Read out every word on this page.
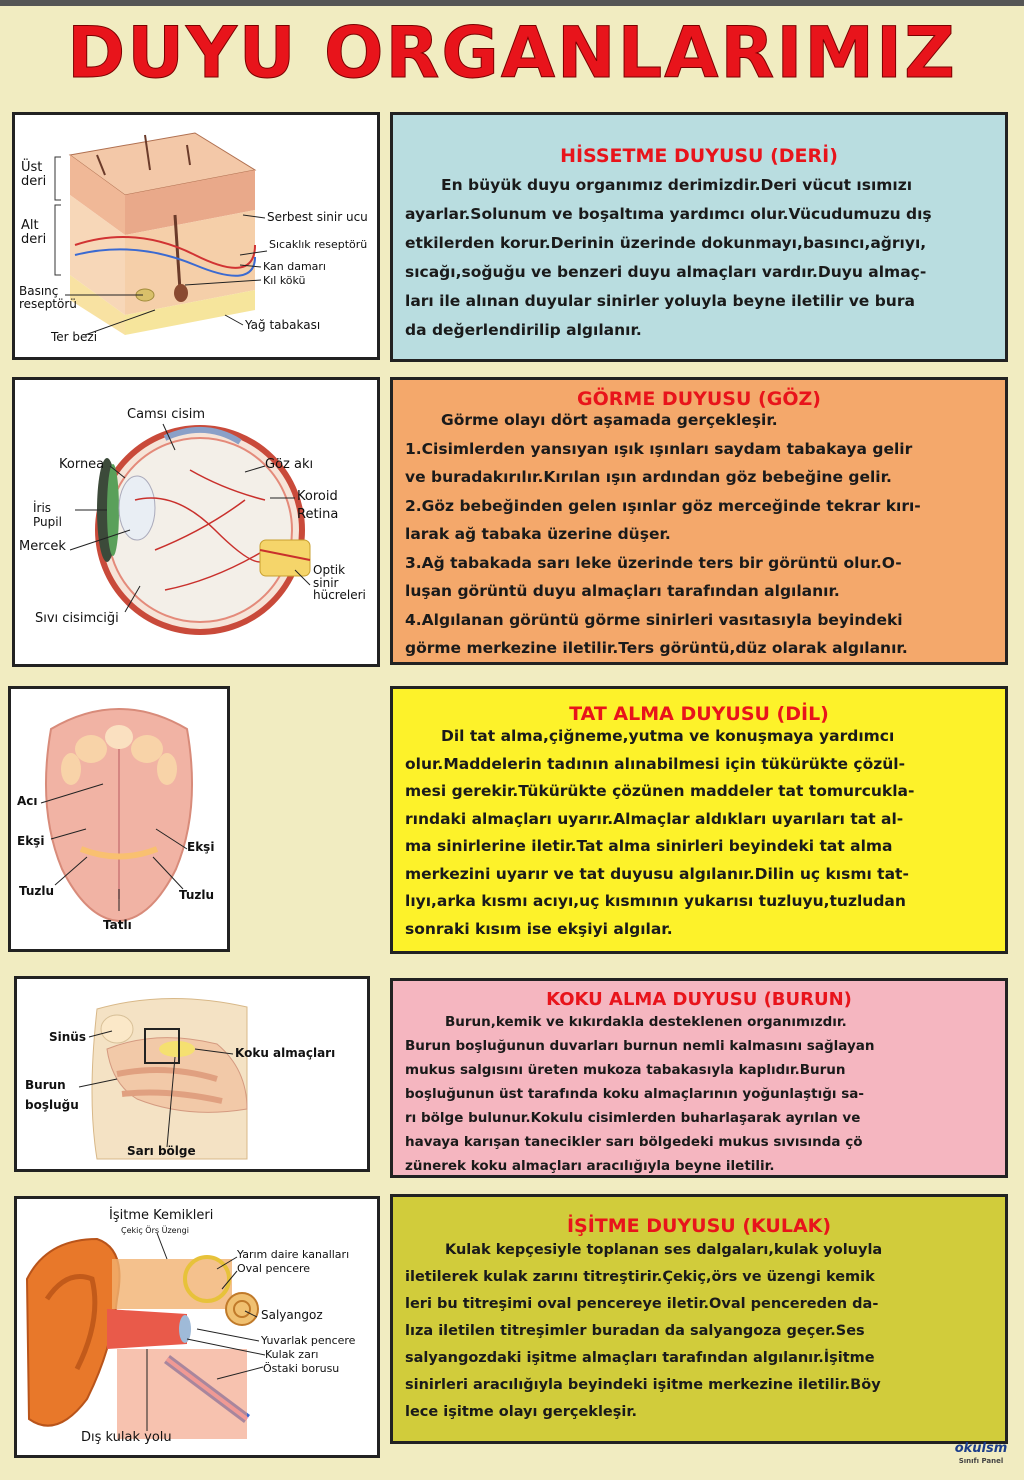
DUYU ORGANLARIMIZ
Üst deri
Alt deri
Basınç reseptörü
Ter bezi
Serbest sinir ucu
Sıcaklık reseptörü
Kan damarı
Kıl kökü
Yağ tabakası
HİSSETME DUYUSU (DERİ)
En büyük duyu organımız derimizdir.Deri vücut ısımızı
ayarlar.Solunum ve boşaltıma yardımcı olur.Vücudumuzu dış
etkilerden korur.Derinin üzerinde dokunmayı,basıncı,ağrıyı,
sıcağı,soğuğu ve benzeri duyu almaçları vardır.Duyu almaç-
ları ile alınan duyular sinirler yoluyla beyne iletilir ve bura
da değerlendirilip algılanır.
Camsı cisim
Kornea	Göz akı
İris
Pupil
Mercek
Koroid
Retina
Optik sinir hücreleri
Sıvı cisimciği
GÖRME DUYUSU (GÖZ)
Görme olayı dört aşamada gerçekleşir.
1.Cisimlerden yansıyan ışık ışınları saydam tabakaya gelir
ve buradakırılır.Kırılan ışın ardından göz bebeğine gelir.
2.Göz bebeğinden gelen ışınlar göz merceğinde tekrar kırı-
larak ağ tabaka üzerine düşer.
3.Ağ tabakada sarı leke üzerinde ters bir görüntü olur.O-
luşan görüntü duyu almaçları tarafından algılanır.
4.Algılanan görüntü görme sinirleri vasıtasıyla beyindeki
görme merkezine iletilir.Ters görüntü,düz olarak algılanır.
Acı
Ekşi	Ekşi
Tuzlu	Tuzlu
Tatlı
TAT ALMA DUYUSU (DİL)
Dil tat alma,çiğneme,yutma ve konuşmaya yardımcı
olur.Maddelerin tadının alınabilmesi için tükürükte çözül-
mesi gerekir.Tükürükte çözünen maddeler tat tomurcukla-
rındaki almaçları uyarır.Almaçlar aldıkları uyarıları tat al-
ma sinirlerine iletir.Tat alma sinirleri beyindeki tat alma
merkezini uyarır ve tat duyusu algılanır.Dilin uç kısmı tat-
lıyı,arka kısmı acıyı,uç kısmının yukarısı tuzluyu,tuzludan
sonraki kısım ise ekşiyi algılar.
Sinüs
Koku almaçları
Burun boşluğu
Sarı bölge
KOKU ALMA DUYUSU (BURUN)
Burun,kemik ve kıkırdakla desteklenen organımızdır.
Burun boşluğunun duvarları burnun nemli kalmasını sağlayan
mukus salgısını üreten mukoza tabakasıyla kaplıdır.Burun
boşluğunun üst tarafında koku almaçlarının yoğunlaştığı sa-
rı bölge bulunur.Kokulu cisimlerden buharlaşarak ayrılan ve
havaya karışan tanecikler sarı bölgedeki mukus sıvısında çö
zünerek koku almaçları aracılığıyla beyne iletilir.
İşitme Kemikleri
Çekiç Örs Üzengi
Yarım daire kanalları
Oval pencere
Salyangoz
Yuvarlak pencere
Kulak zarı
Östaki borusu
Dış kulak yolu
İŞİTME DUYUSU (KULAK)
Kulak kepçesiyle toplanan ses dalgaları,kulak yoluyla
iletilerek kulak zarını titreştirir.Çekiç,örs ve üzengi kemik
leri bu titreşimi oval pencereye iletir.Oval pencereden da-
lıza iletilen titreşimler buradan da salyangoza geçer.Ses
salyangozdaki işitme almaçları tarafından algılanır.İşitme
sinirleri aracılığıyla beyindeki işitme merkezine iletilir.Böy
lece işitme olayı gerçekleşir.
okulsm
Sınıfı Panel
